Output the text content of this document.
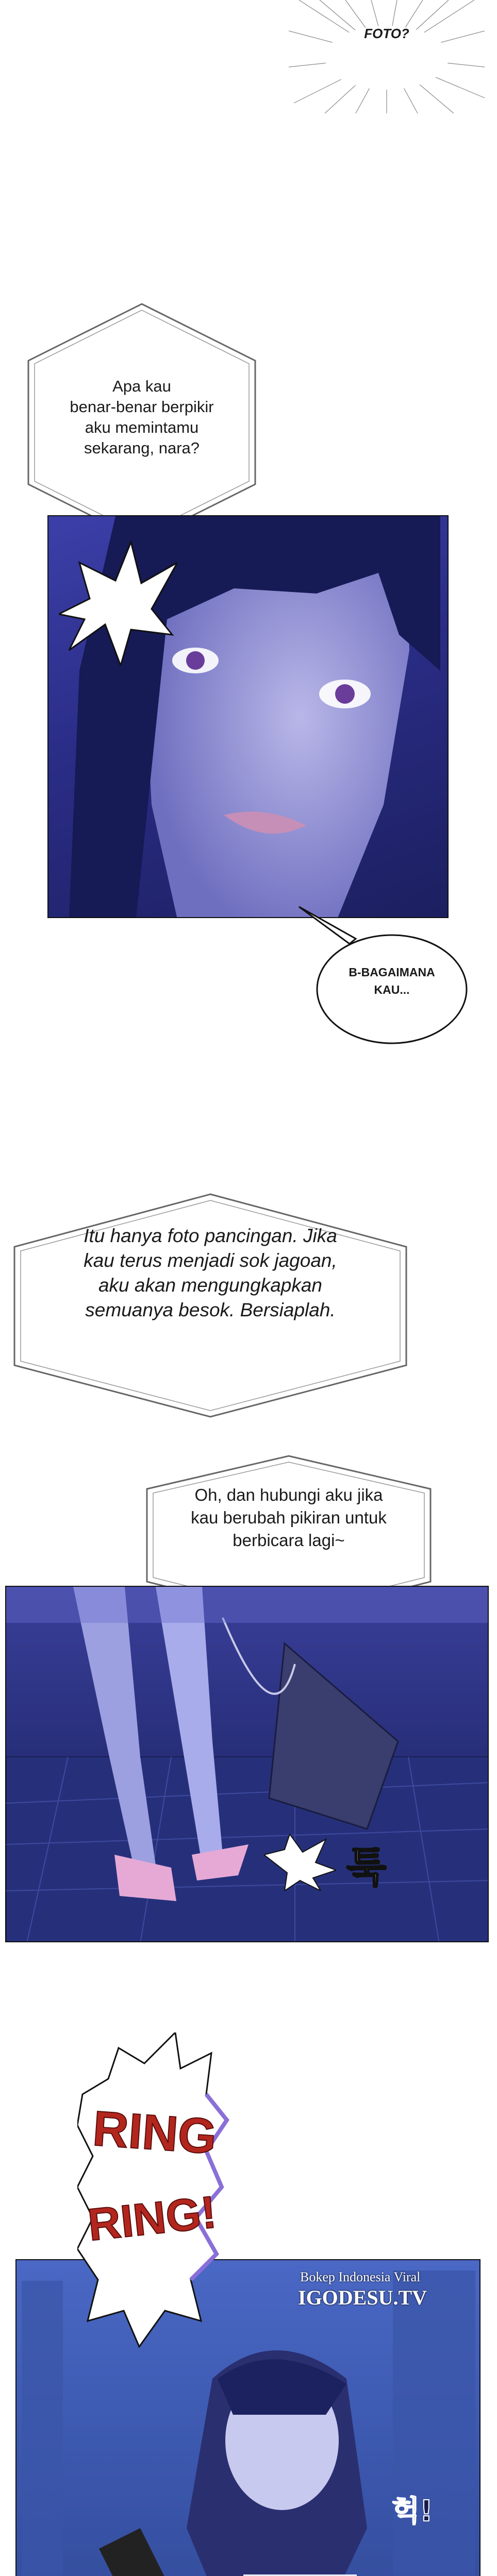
FOTO?
Apa kau
benar-benar berpikir
aku memintamu
sekarang, nara?
B-BAGAIMANA
KAU...
Itu hanya foto pancingan. Jika
kau terus menjadi sok jagoan,
aku akan mengungkapkan
semuanya besok. Bersiaplah.
Oh, dan hubungi aku jika
kau berubah pikiran untuk
berbicara lagi~
툭
RING
RING!
Bokep Indonesia Viral
IGODESU.TV
헉!
